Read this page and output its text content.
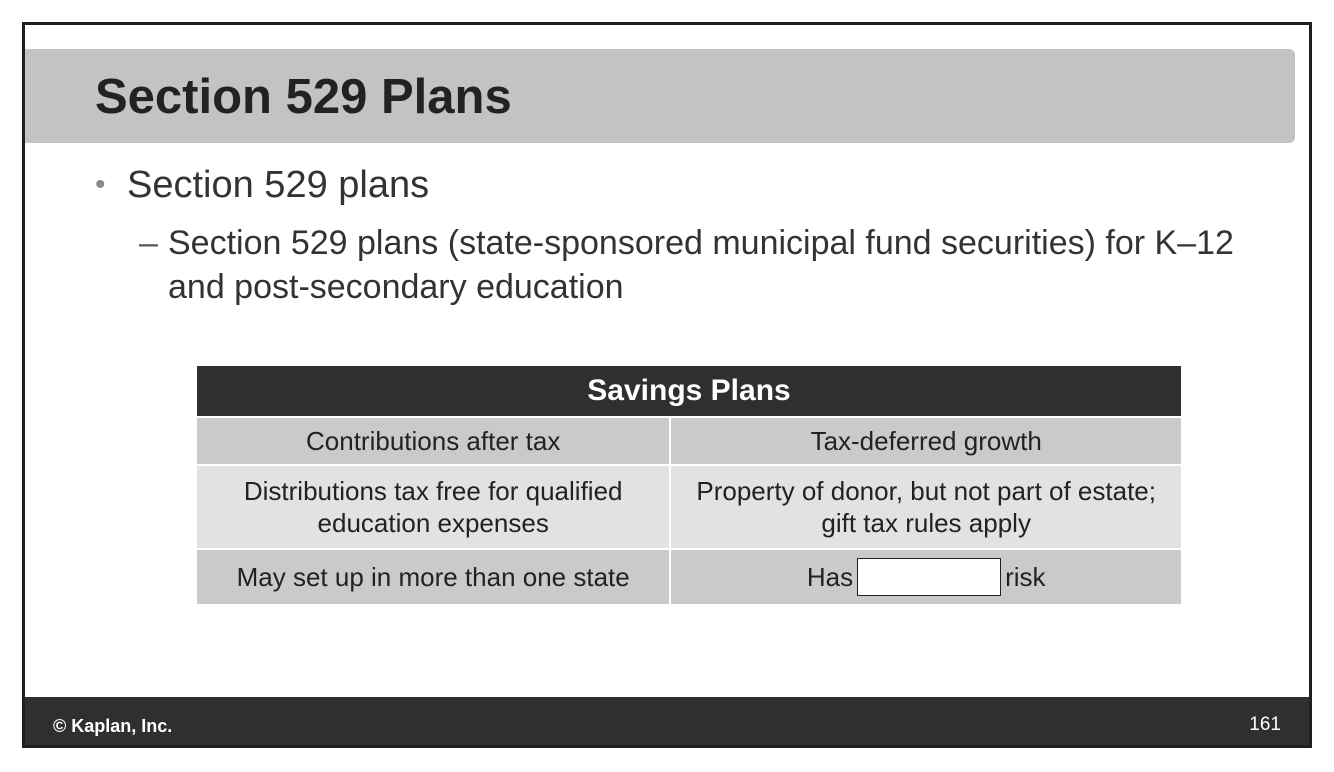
Section 529 Plans
• Section 529 plans
– Section 529 plans (state-sponsored municipal fund securities) for K–12 and post-secondary education
Savings Plans	
Contributions after tax	Tax-deferred growth
Distributions tax free for qualified education expenses	Property of donor, but not part of estate; gift tax rules apply
May set up in more than one state	Has risk
© Kaplan, Inc.	161
